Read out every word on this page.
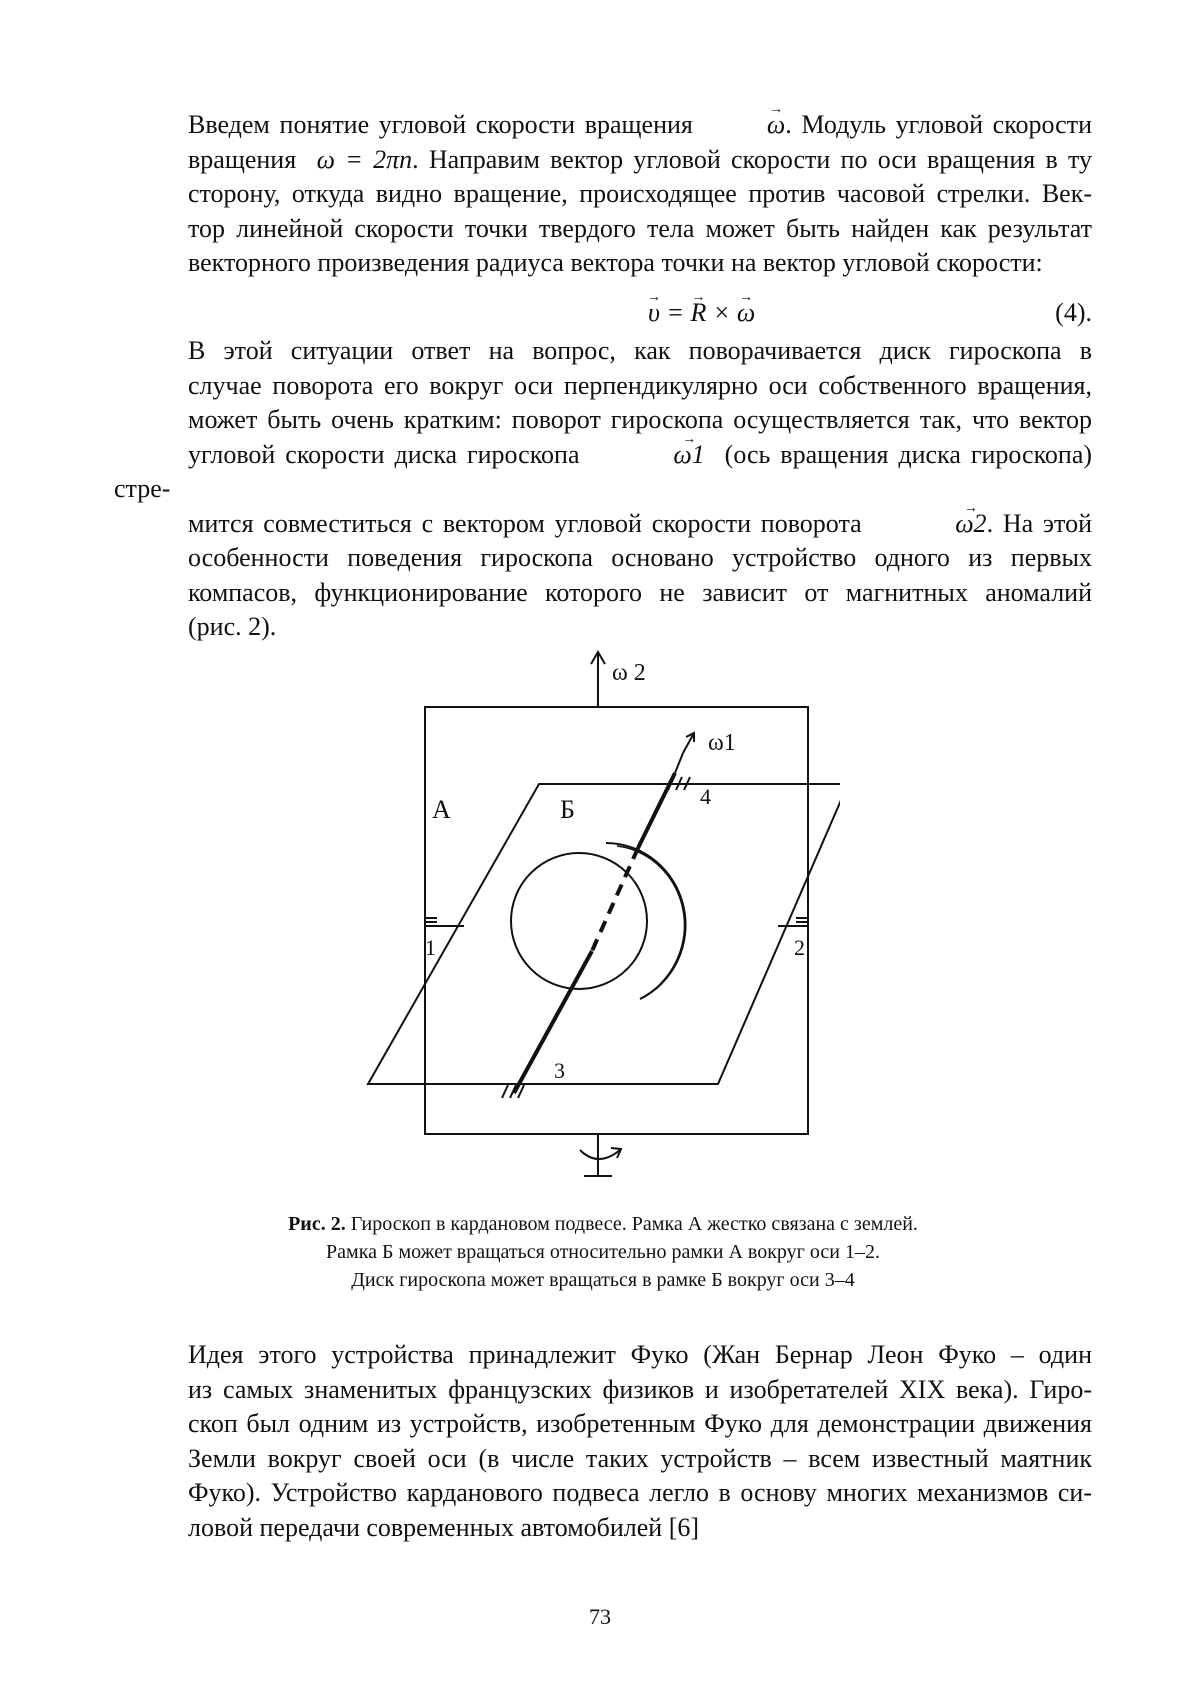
Введем понятие угловой скорости вращения	→ ω. Модуль угловой скорости
вращения ω = 2πn. Направим вектор угловой скорости по оси вращения в ту
сторону, откуда видно вращение, происходящее против часовой стрелки. Век-
тор линейной скорости точки твердого тела может быть найден как результат
векторного произведения радиуса вектора точки на вектор угловой скорости:
→ υ = → R × → ω	(4).
В этой ситуации ответ на вопрос, как поворачивается диск гироскопа в
случае поворота его вокруг оси перпендикулярно оси собственного вращения,
может быть очень кратким: поворот гироскопа осуществляется так, что вектор
угловой скорости диска гироскопа	→ ω1 (ось вращения диска гироскопа) стре-
мится совместиться с вектором угловой скорости поворота	→ ω2. На этой
особенности поведения гироскопа основано устройство одного из первых
компасов, функционирование которого не зависит от магнитных аномалий
(рис. 2).
ω 2
ω1
А	Б
1	2
3
4
Рис. 2. Гироскоп в кардановом подвесе. Рамка А жестко связана с землей.
Рамка Б может вращаться относительно рамки А вокруг оси 1–2.
Диск гироскопа может вращаться в рамке Б вокруг оси 3–4
Идея этого устройства принадлежит Фуко (Жан Бернар Леон Фуко – один
из самых знаменитых французских физиков и изобретателей XIX века). Гиро-
скоп был одним из устройств, изобретенным Фуко для демонстрации движения
Земли вокруг своей оси (в числе таких устройств – всем известный маятник
Фуко). Устройство карданового подвеса легло в основу многих механизмов си-
ловой передачи современных автомобилей [6]
73
